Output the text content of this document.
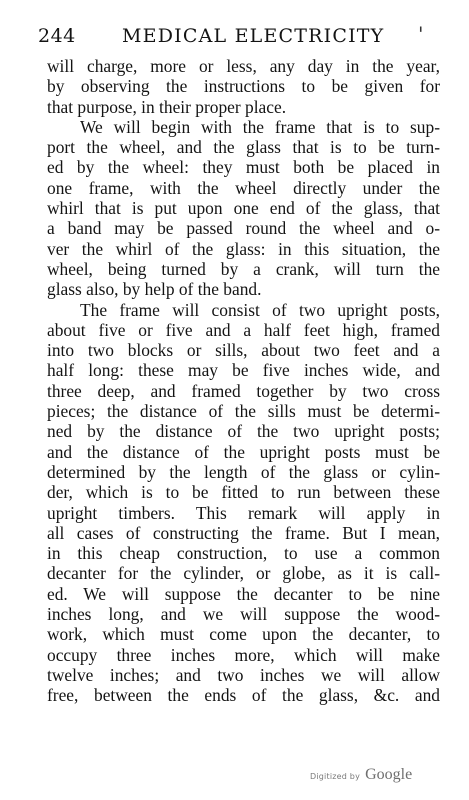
244 MEDICAL ELECTRICITY '

will charge, more or less, any day in the year,
by observing the instructions to be given for
that purpose, in their proper place.

We will begin with the frame that is to sup-
port the wheel, and the glass that is to be turn-
ed by the wheel: they must both be placed in
one frame, with the wheel directly under the
whirl that is put upon one end of the glass, that
a band may be passed round the wheel and o-
ver the whirl of the glass: in this situation, the
wheel, being turned by a crank, will turn the
glass also, by help of the band.

The frame will consist of two upright posts,
about five or five and a half feet high, framed
into two blocks or sills, about two feet and a
half long: these may be five inches wide, and
three deep, and framed together by two cross
pieces; the distance of the sills must be determi-
ned by the distance of the two upright posts;
and the distance of the upright posts must be
determined by the length of the glass or cylin-
der, which is to be fitted to run between these
upright timbers. This remark will apply in
all cases of constructing the frame. But I mean,
in this cheap construction, to use a common
decanter for the cylinder, or globe, as it is call-
ed. We will suppose the decanter to be nine
inches long, and we will suppose the wood-
work, which must come upon the decanter, to
occupy three inches more, which will make
twelve inches; and two inches we will allow
free, between the ends of the glass, &c. and

Digitized by Google
